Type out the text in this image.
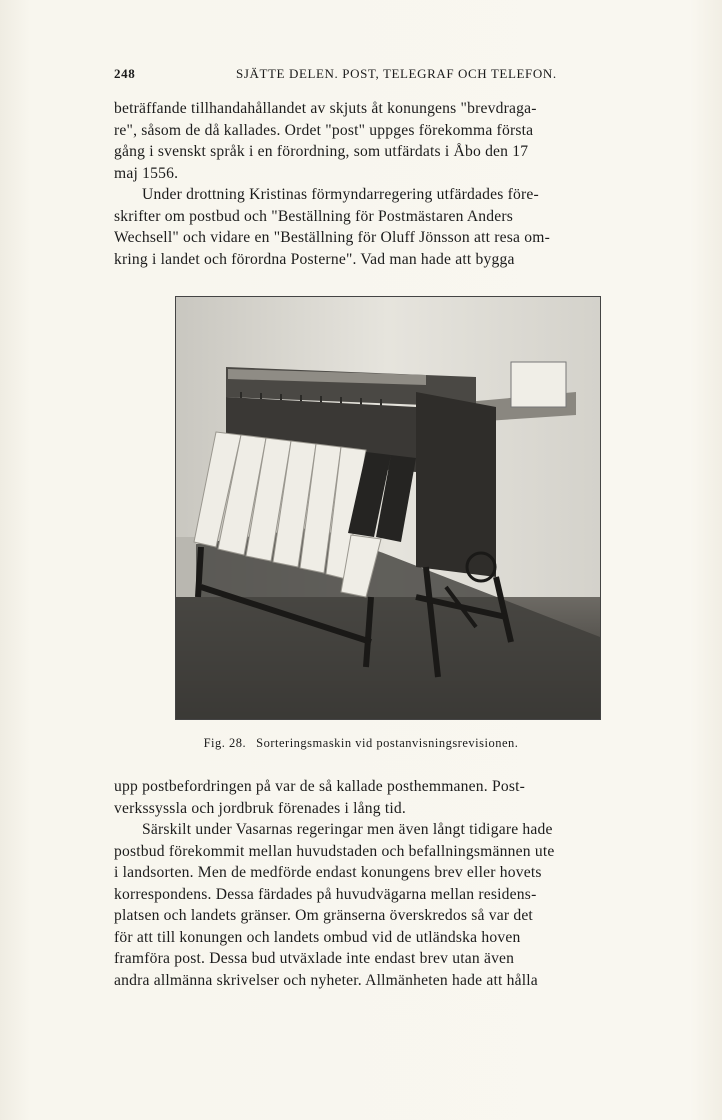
248	SJÄTTE DELEN. POST, TELEGRAF OCH TELEFON.
beträffande tillhandahållandet av skjuts åt konungens "brevdraga-
re", såsom de då kallades. Ordet "post" uppges förekomma första
gång i svenskt språk i en förordning, som utfärdats i Åbo den 17
maj 1556.
Under drottning Kristinas förmyndarregering utfärdades före-
skrifter om postbud och "Beställning för Postmästaren Anders
Wechsell" och vidare en "Beställning för Oluff Jönsson att resa om-
kring i landet och förordna Posterne". Vad man hade att bygga
Fig. 28. Sorteringsmaskin vid postanvisningsrevisionen.
upp postbefordringen på var de så kallade posthemmanen. Post-
verkssyssla och jordbruk förenades i lång tid.
Särskilt under Vasarnas regeringar men även långt tidigare hade
postbud förekommit mellan huvudstaden och befallningsmännen ute
i landsorten. Men de medförde endast konungens brev eller hovets
korrespondens. Dessa färdades på huvudvägarna mellan residens-
platsen och landets gränser. Om gränserna överskredos så var det
för att till konungen och landets ombud vid de utländska hoven
framföra post. Dessa bud utväxlade inte endast brev utan även
andra allmänna skrivelser och nyheter. Allmänheten hade att hålla
